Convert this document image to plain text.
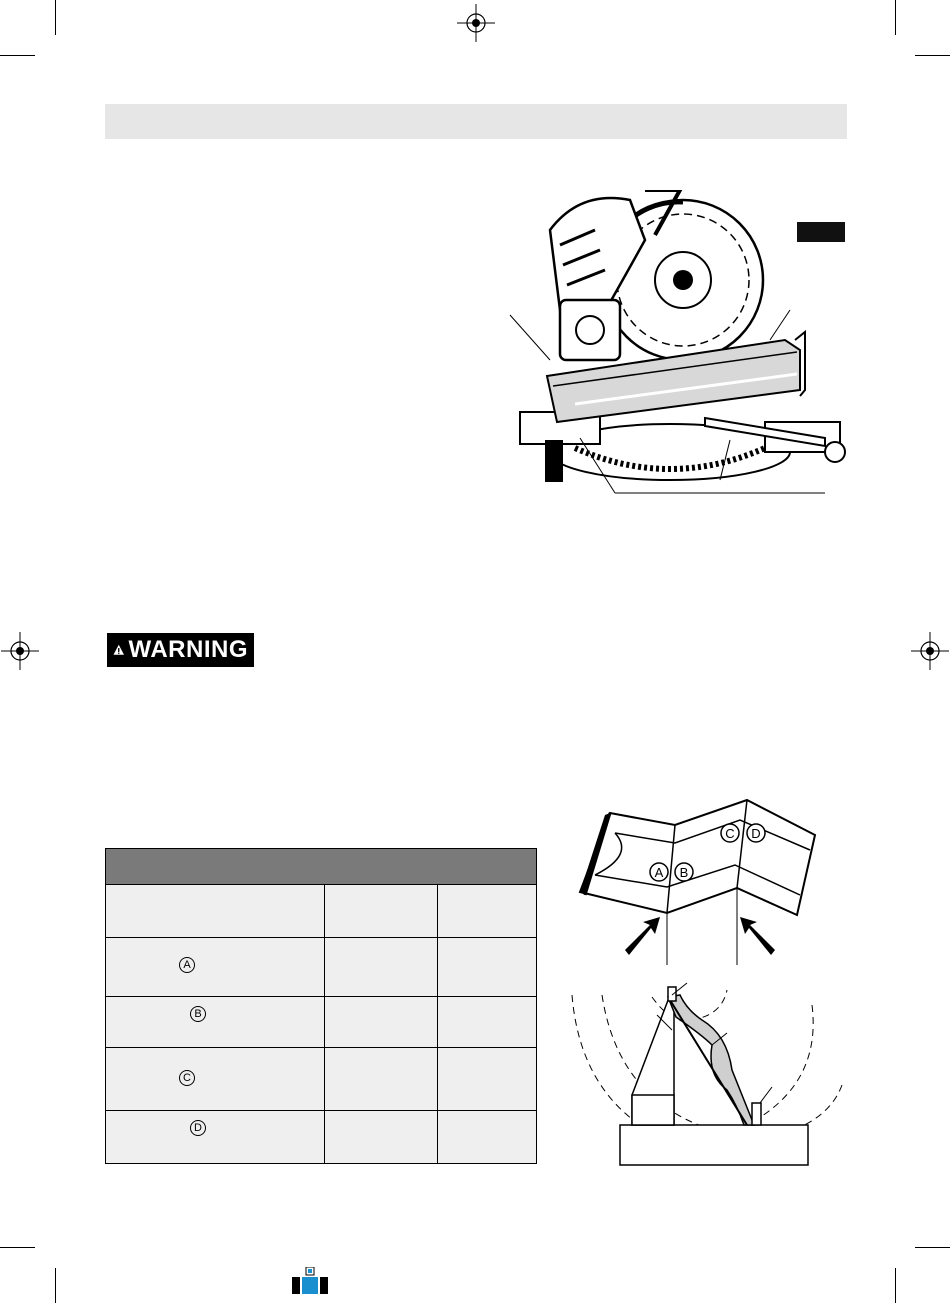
WARNING

A		
B		
C		
D		
A B
C D
